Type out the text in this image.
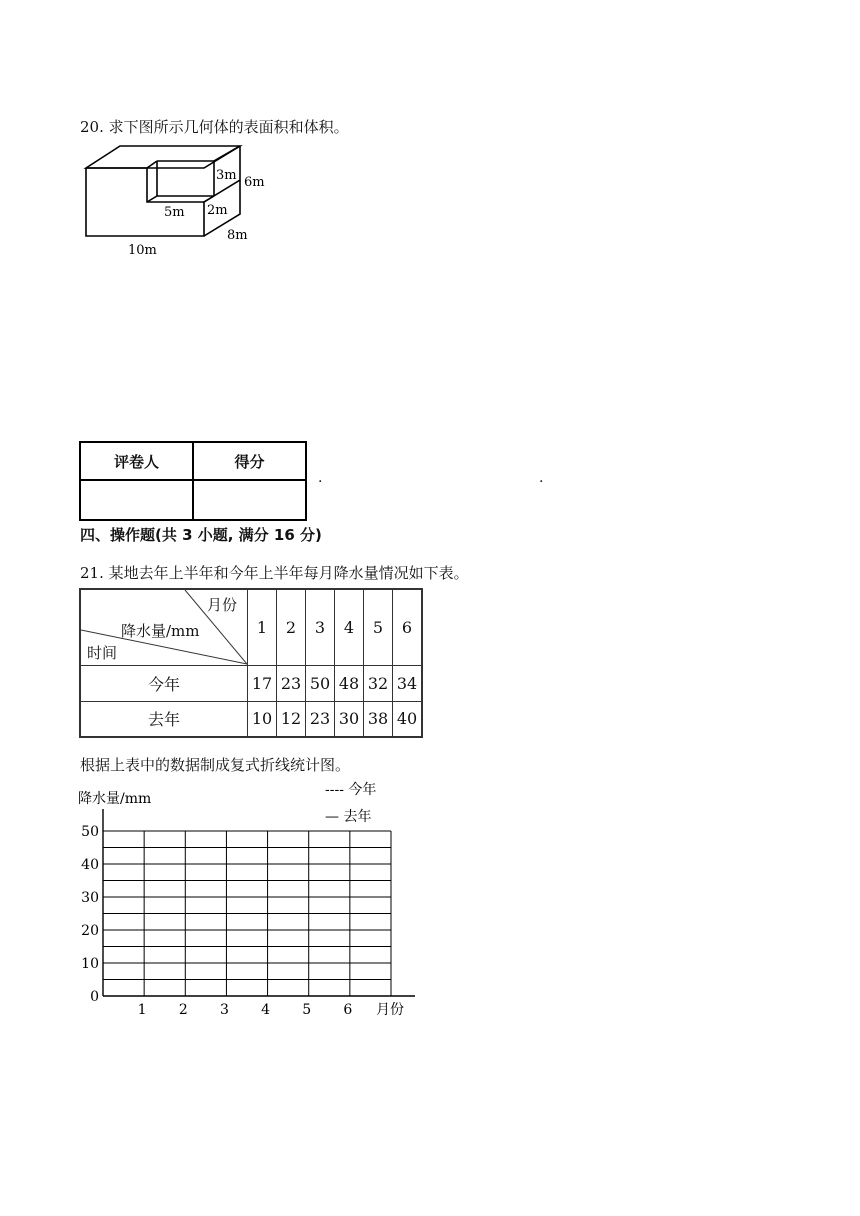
20. 求下图所示几何体的表面积和体积。
3m 6m
5m 2m
8m
10m
评卷人	得分

.	.
四、操作题(共 3 小题, 满分 16 分)
21. 某地去年上半年和今年上半年每月降水量情况如下表。
月份
降水量/mm
时间	1	2	3	4	5	6
今年	17	23	50	48	32	34
去年	10	12	23	30	38	40
根据上表中的数据制成复式折线统计图。
降水量/mm
---- 今年
— 去年
0
10
20
30
40
50
1 2 3 4 5 6 月份
